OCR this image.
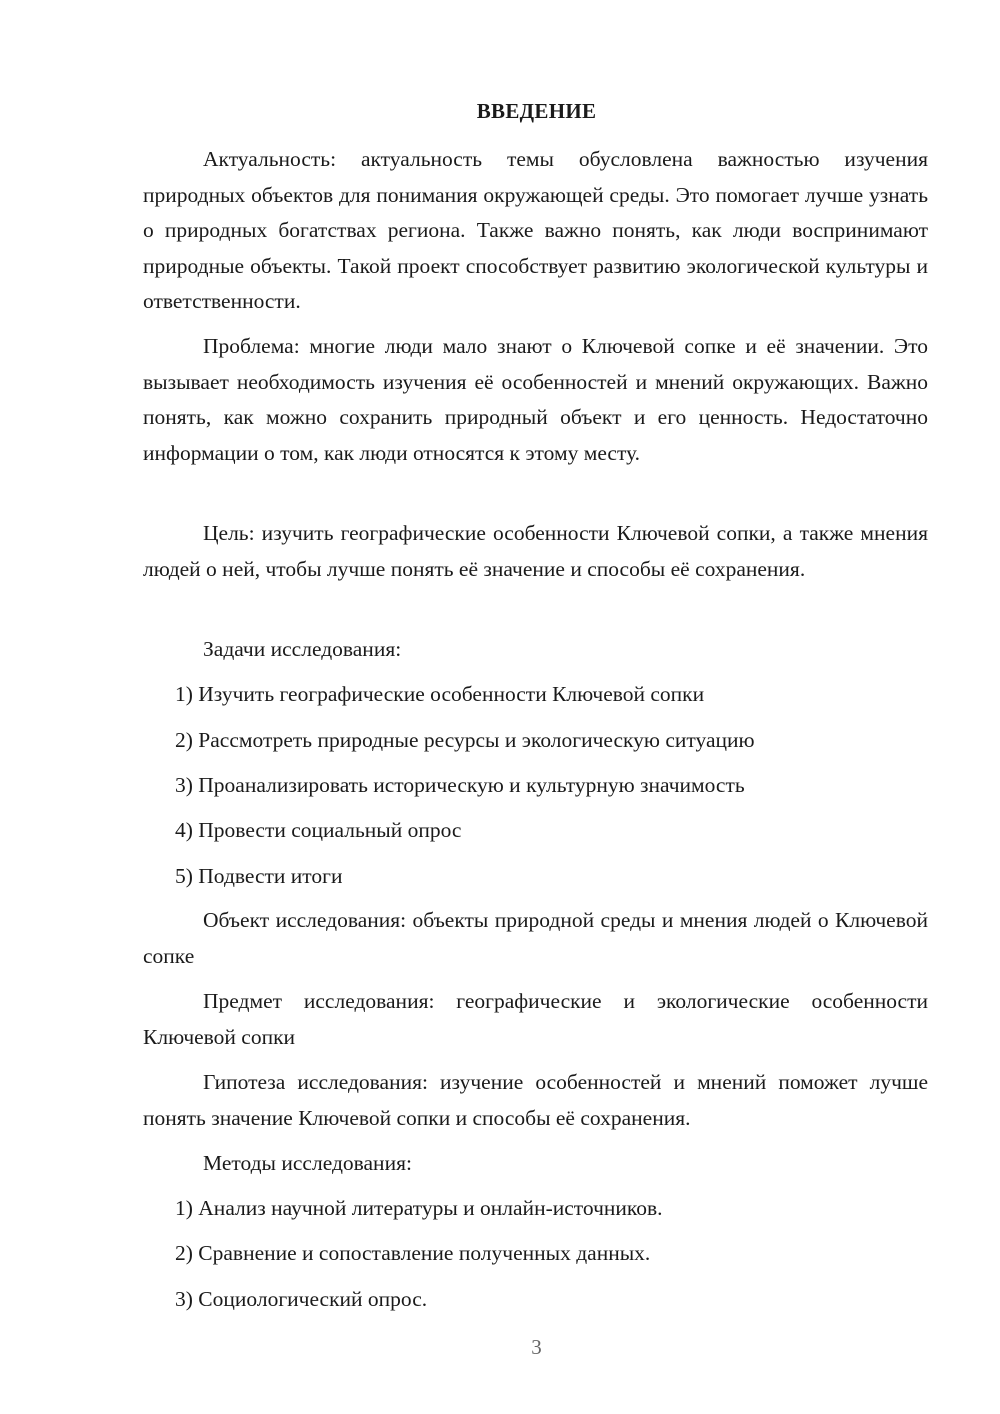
ВВЕДЕНИЕ

Актуальность: актуальность темы обусловлена важностью изучения природных объектов для понимания окружающей среды. Это помогает лучше узнать о природных богатствах региона. Также важно понять, как люди воспринимают природные объекты. Такой проект способствует развитию экологической культуры и ответственности.

Проблема: многие люди мало знают о Ключевой сопке и её значении. Это вызывает необходимость изучения её особенностей и мнений окружающих. Важно понять, как можно сохранить природный объект и его ценность. Недостаточно информации о том, как люди относятся к этому месту.

Цель: изучить географические особенности Ключевой сопки, а также мнения людей о ней, чтобы лучше понять её значение и способы её сохранения.

Задачи исследования:
1) Изучить географические особенности Ключевой сопки
2) Рассмотреть природные ресурсы и экологическую ситуацию
3) Проанализировать историческую и культурную значимость
4) Провести социальный опрос
5) Подвести итоги

Объект исследования: объекты природной среды и мнения людей о Ключевой сопке

Предмет исследования: географические и экологические особенности Ключевой сопки

Гипотеза исследования: изучение особенностей и мнений поможет лучше понять значение Ключевой сопки и способы её сохранения.

Методы исследования:
1) Анализ научной литературы и онлайн-источников.
2) Сравнение и сопоставление полученных данных.
3) Социологический опрос.
3
